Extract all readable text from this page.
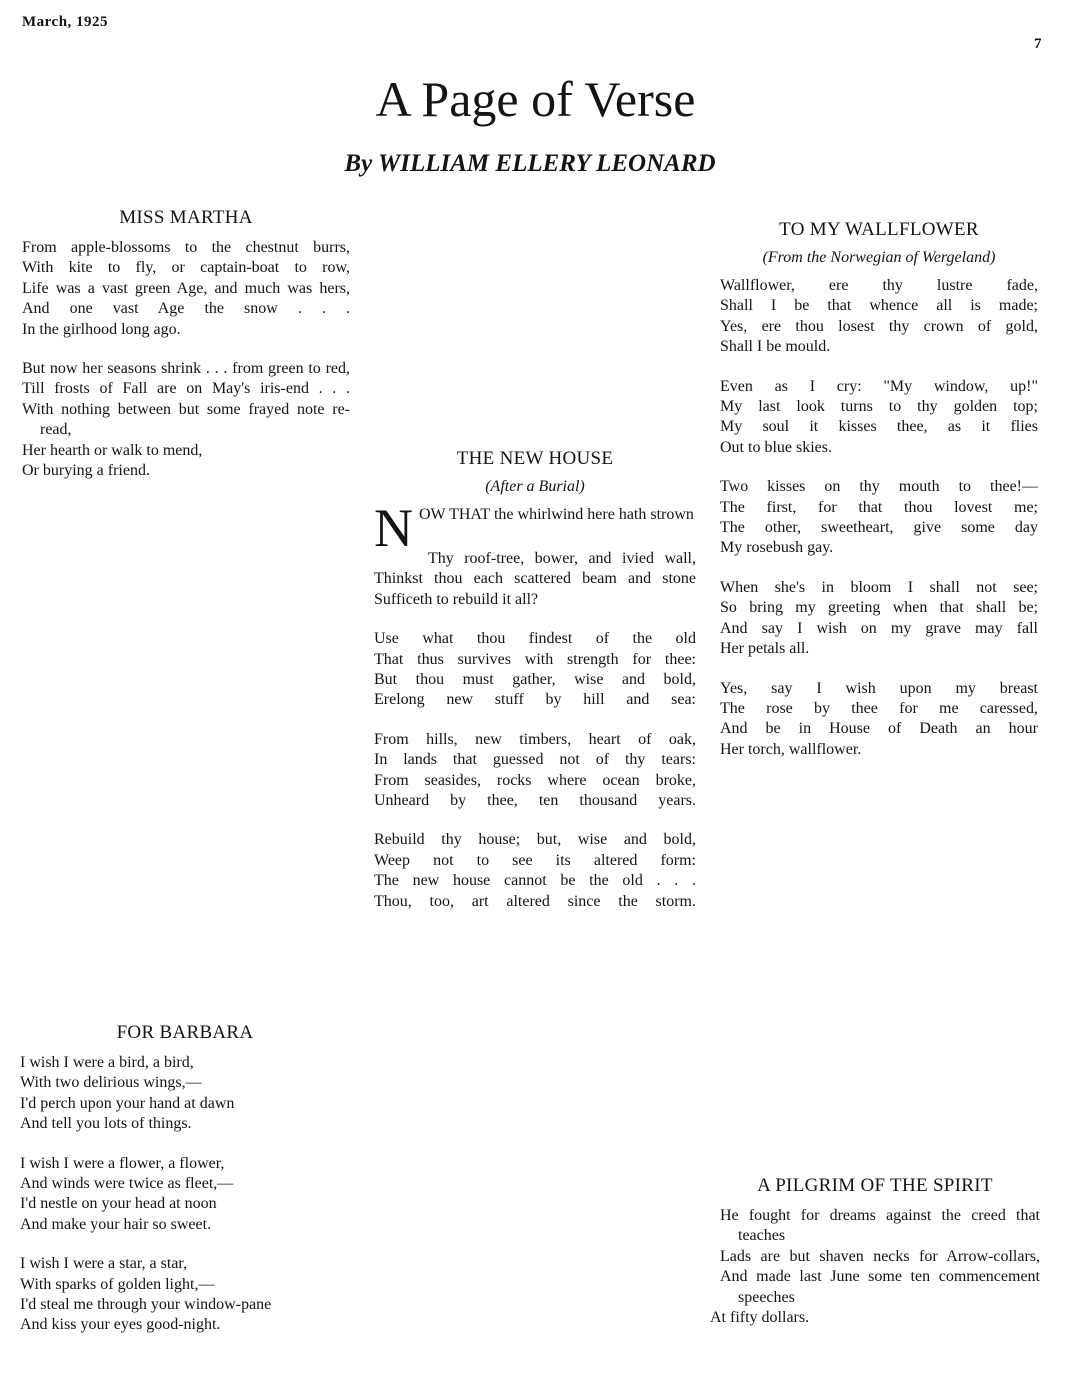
March, 1925
7
A Page of Verse
By WILLIAM ELLERY LEONARD
MISS MARTHA
From apple-blossoms to the chestnut burrs,
With kite to fly, or captain-boat to row,
Life was a vast green Age, and much was hers,
And one vast Age the snow . . .
In the girlhood long ago.
But now her seasons shrink . . . from green to red,
Till frosts of Fall are on May's iris-end . . .
With nothing between but some frayed note re-read,
Her hearth or walk to mend,
Or burying a friend.
THE NEW HOUSE
(After a Burial)
N OW THAT the whirlwind here hath strown
Thy roof-tree, bower, and ivied wall,
Thinkst thou each scattered beam and stone
Sufficeth to rebuild it all?
Use what thou findest of the old
That thus survives with strength for thee:
But thou must gather, wise and bold,
Erelong new stuff by hill and sea:
From hills, new timbers, heart of oak,
In lands that guessed not of thy tears:
From seasides, rocks where ocean broke,
Unheard by thee, ten thousand years.
Rebuild thy house; but, wise and bold,
Weep not to see its altered form:
The new house cannot be the old . . .
Thou, too, art altered since the storm.
TO MY WALLFLOWER
(From the Norwegian of Wergeland)
Wallflower, ere thy lustre fade,
Shall I be that whence all is made;
Yes, ere thou losest thy crown of gold,
Shall I be mould.
Even as I cry: "My window, up!"
My last look turns to thy golden top;
My soul it kisses thee, as it flies
Out to blue skies.
Two kisses on thy mouth to thee!—
The first, for that thou lovest me;
The other, sweetheart, give some day
My rosebush gay.
When she's in bloom I shall not see;
So bring my greeting when that shall be;
And say I wish on my grave may fall
Her petals all.
Yes, say I wish upon my breast
The rose by thee for me caressed,
And be in House of Death an hour
Her torch, wallflower.
FOR BARBARA
I wish I were a bird, a bird,
With two delirious wings,—
I'd perch upon your hand at dawn
And tell you lots of things.
I wish I were a flower, a flower,
And winds were twice as fleet,—
I'd nestle on your head at noon
And make your hair so sweet.
I wish I were a star, a star,
With sparks of golden light,—
I'd steal me through your window-pane
And kiss your eyes good-night.
A PILGRIM OF THE SPIRIT
He fought for dreams against the creed that teaches
Lads are but shaven necks for Arrow-collars,
And made last June some ten commencement speeches
At fifty dollars.
